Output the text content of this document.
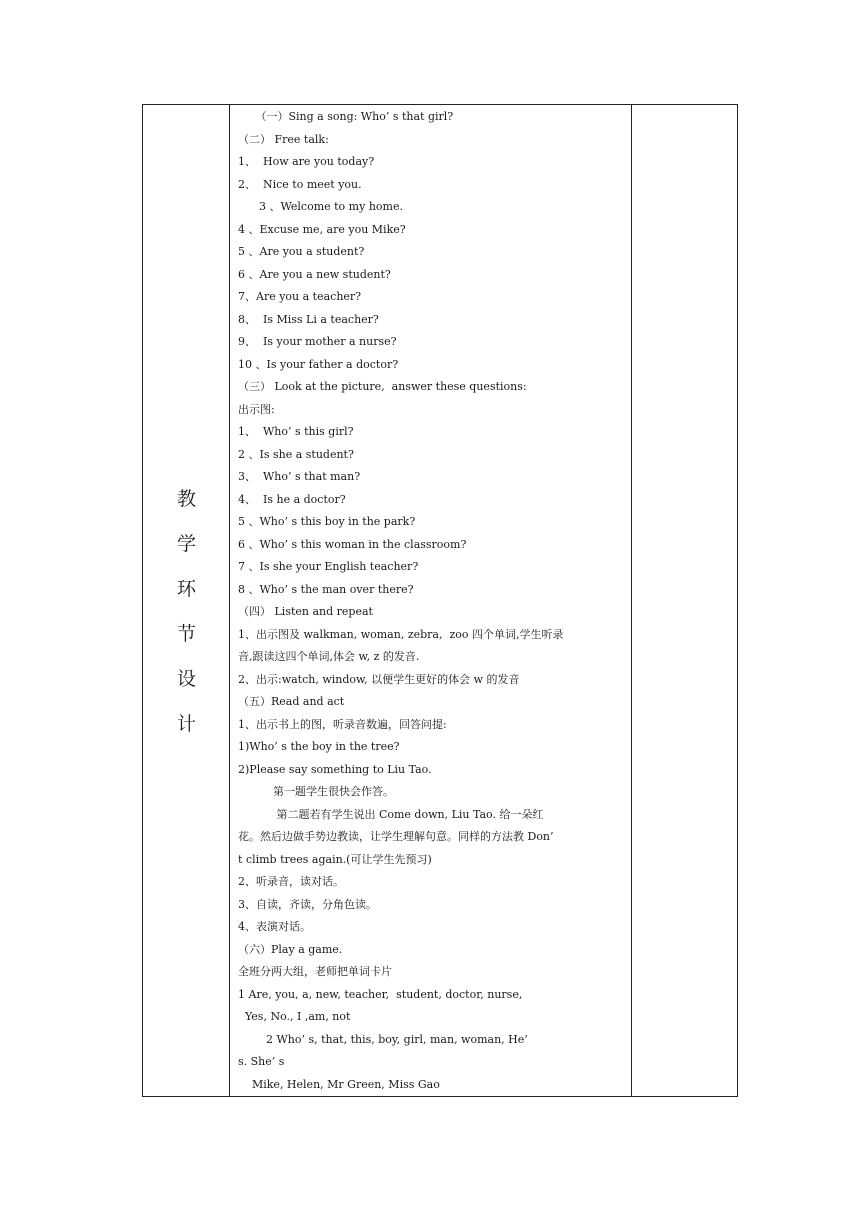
教
学
环
节
设
计
（一）Sing a song: Who’ s that girl?
（二） Free talk:
1、  How are you today?
2、  Nice to meet you.
3 、Welcome to my home.
4 、Excuse me, are you Mike?
5 、Are you a student?
6 、Are you a new student?
7、Are you a teacher?
8、  Is Miss Li a teacher?
9、  Is your mother a nurse?
10 、Is your father a doctor?
（三） Look at the picture,  answer these questions:
出示图:
1、  Who’ s this girl?
2 、Is she a student?
3、  Who’ s that man?
4、  Is he a doctor?
5 、Who’ s this boy in the park?
6 、Who’ s this woman in the classroom?
7 、Is she your English teacher?
8 、Who’ s the man over there?
（四） Listen and repeat
1、出示图及 walkman, woman, zebra,  zoo 四个单词,学生听录
音,跟读这四个单词,体会 w, z 的发音.
2、出示:watch, window, 以便学生更好的体会 w 的发音
（五）Read and act
1、出示书上的图，听录音数遍，回答问提:
1)Who’ s the boy in the tree?
2)Please say something to Liu Tao.
第一题学生很快会作答。
第二题若有学生说出 Come down, Liu Tao. 给一朵红
花。然后边做手势边教读，让学生理解句意。同样的方法教 Don’
t climb trees again.(可让学生先预习)
2、听录音，读对话。
3、自读，齐读，分角色读。
4、表演对话。
（六）Play a game.
全班分两大组，老师把单词卡片
1 Are, you, a, new, teacher,  student, doctor, nurse,
Yes, No., I ,am, not
2 Who’ s, that, this, boy, girl, man, woman, He’
s. She’ s
Mike, Helen, Mr Green, Miss Gao
